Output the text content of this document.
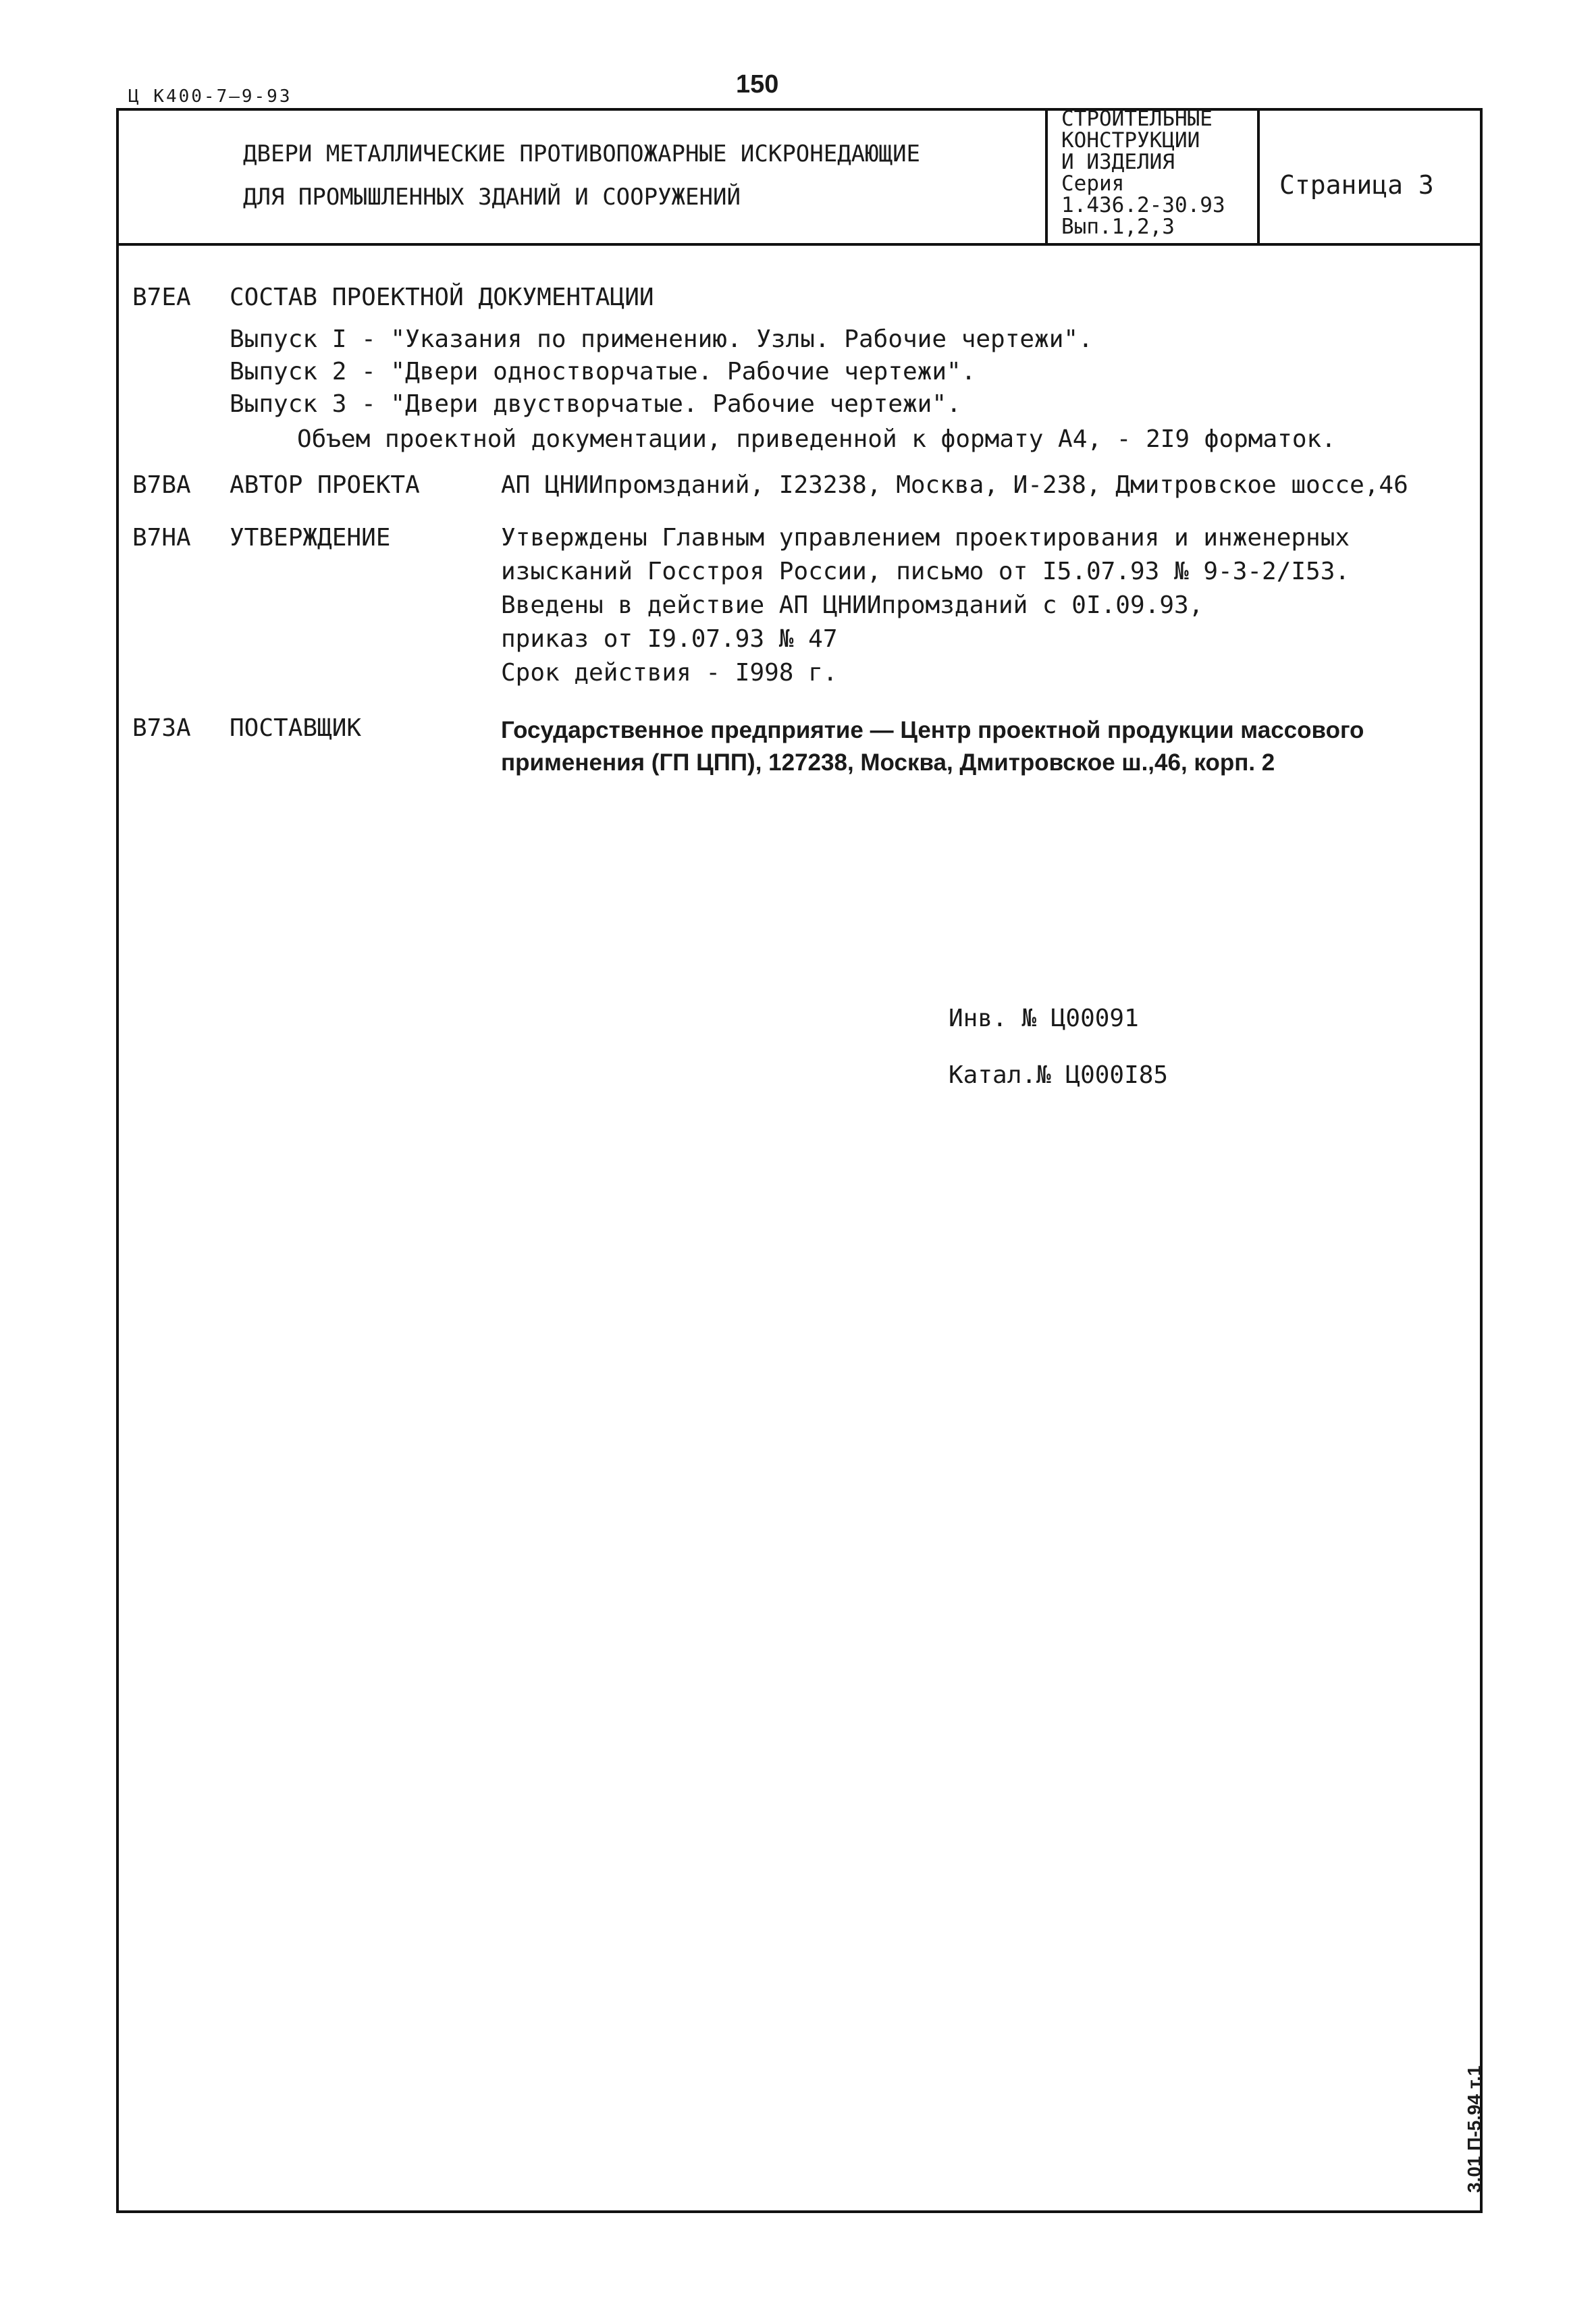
Ц К400-7—9-93	150
ДВЕРИ МЕТАЛЛИЧЕСКИЕ ПРОТИВОПОЖАРНЫЕ ИСКРОНЕДАЮЩИЕ
ДЛЯ ПРОМЫШЛЕННЫХ ЗДАНИЙ И СООРУЖЕНИЙ
СТРОИТЕЛЬНЫЕ
КОНСТРУКЦИИ
И ИЗДЕЛИЯ
Серия
1.436.2-30.93
Вып.1,2,3
Страница 3
В7ЕА СОСТАВ ПРОЕКТНОЙ ДОКУМЕНТАЦИИ
Выпуск I - "Указания по применению. Узлы. Рабочие чертежи".
Выпуск 2 - "Двери одностворчатые. Рабочие чертежи".
Выпуск 3 - "Двери двустворчатые. Рабочие чертежи".
Объем проектной документации, приведенной к формату А4, - 2I9 форматок.
В7ВА АВТОР ПРОЕКТА	АП ЦНИИпромзданий, I23238, Москва, И-238, Дмитровское шоссе,46
В7НА УТВЕРЖДЕНИЕ	Утверждены Главным управлением проектирования и инженерных
изысканий Госстроя России, письмо от I5.07.93 № 9-3-2/I53.
Введены в действие АП ЦНИИпромзданий с 0I.09.93,
приказ от I9.07.93 № 47
Срок действия - I998 г.
В7ЗА ПОСТАВЩИК	Государственное предприятие — Центр проектной продукции массового
применения (ГП ЦПП), 127238, Москва, Дмитровское ш.,46, корп. 2
Инв. № Ц00091
Катал.№ Ц000I85
3.01 П-5.94 т.1
